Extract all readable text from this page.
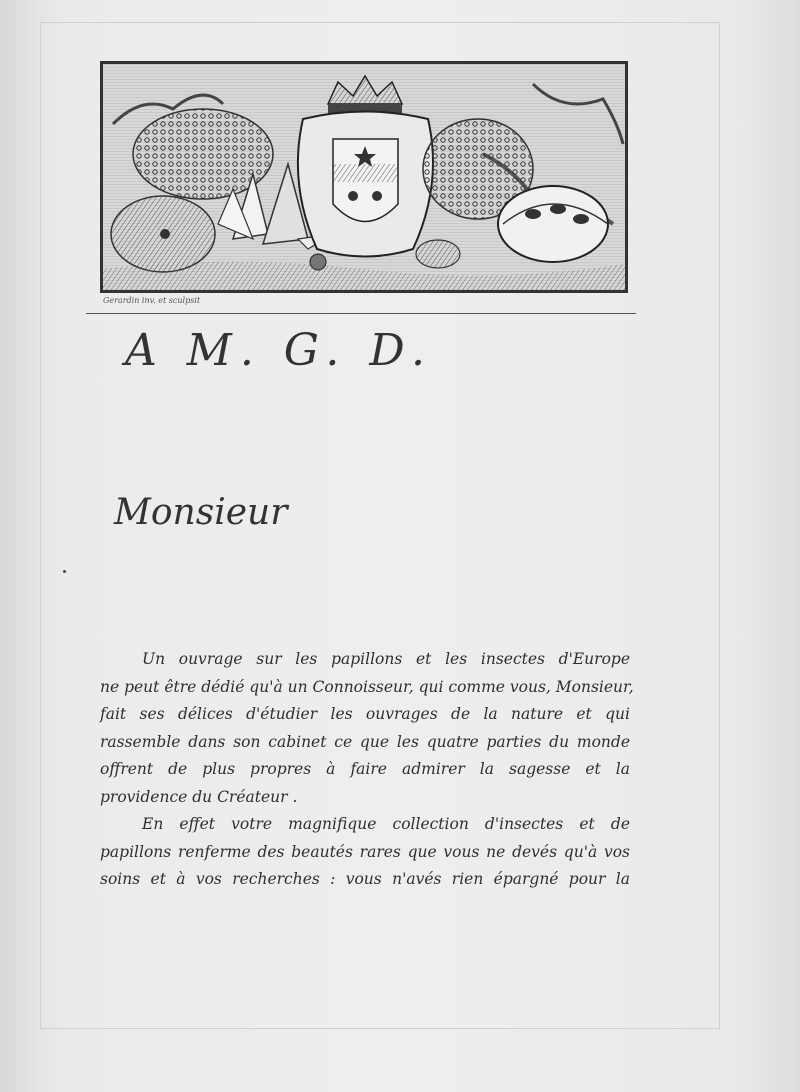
Gerardin inv. et sculpsit
A M. G. D.
Monsieur
Un ouvrage sur les papillons et les insectes d'Europe
ne peut être dédié qu'à un Connoisseur, qui comme vous, Monsieur,
fait ses délices d'étudier les ouvrages de la nature et qui
rassemble dans son cabinet ce que les quatre parties du monde
offrent de plus propres à faire admirer la sagesse et la
providence du Créateur .
En effet votre magnifique collection d'insectes et de
papillons renferme des beautés rares que vous ne devés qu'à vos
soins et à vos recherches : vous n'avés rien épargné pour la
